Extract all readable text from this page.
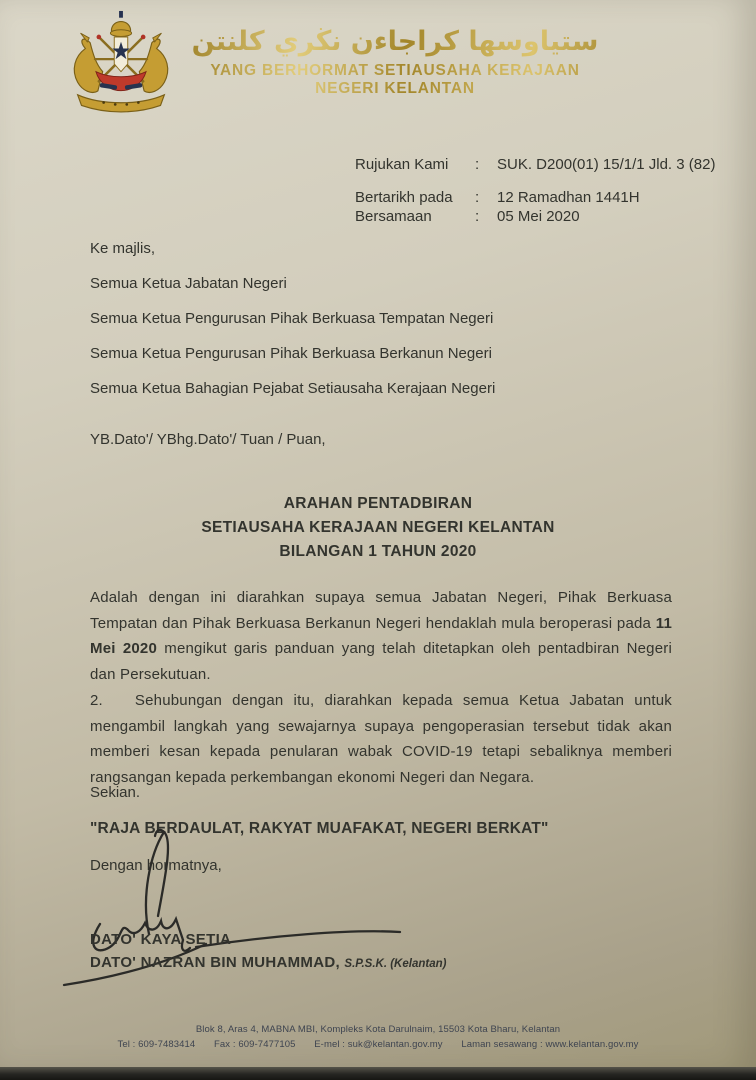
ستياوسها كراجاءن نڬري كلنتن
YANG BERHORMAT SETIAUSAHA KERAJAAN
NEGERI KELANTAN
Rujukan Kami	:	SUK. D200(01) 15/1/1 Jld. 3 (82)
Bertarikh pada	:	12 Ramadhan 1441H
Bersamaan	:	05 Mei 2020

Ke majlis,

Semua Ketua Jabatan Negeri

Semua Ketua Pengurusan Pihak Berkuasa Tempatan Negeri

Semua Ketua Pengurusan Pihak Berkuasa Berkanun Negeri

Semua Ketua Bahagian Pejabat Setiausaha Kerajaan Negeri

YB.Dato'/ YBhg.Dato'/ Tuan / Puan,
ARAHAN PENTADBIRAN
SETIAUSAHA KERAJAAN NEGERI KELANTAN
BILANGAN 1 TAHUN 2020

Adalah dengan ini diarahkan supaya semua Jabatan Negeri, Pihak Berkuasa Tempatan dan Pihak Berkuasa Berkanun Negeri hendaklah mula beroperasi pada 11 Mei 2020 mengikut garis panduan yang telah ditetapkan oleh pentadbiran Negeri dan Persekutuan.

2. Sehubungan dengan itu, diarahkan kepada semua Ketua Jabatan untuk mengambil langkah yang sewajarnya supaya pengoperasian tersebut tidak akan memberi kesan kepada penularan wabak COVID-19 tetapi sebaliknya memberi rangsangan kepada perkembangan ekonomi Negeri dan Negara.

Sekian.
"RAJA BERDAULAT, RAKYAT MUAFAKAT, NEGERI BERKAT"
Dengan hormatnya,
DATO' KAYA SETIA
DATO' NAZRAN BIN MUHAMMAD, S.P.S.K. (Kelantan)
Blok 8, Aras 4, MABNA MBI, Kompleks Kota Darulnaim, 15503 Kota Bharu, Kelantan
Tel : 609-7483414 Fax : 609-7477105 E-mel : suk@kelantan.gov.my Laman sesawang : www.kelantan.gov.my
